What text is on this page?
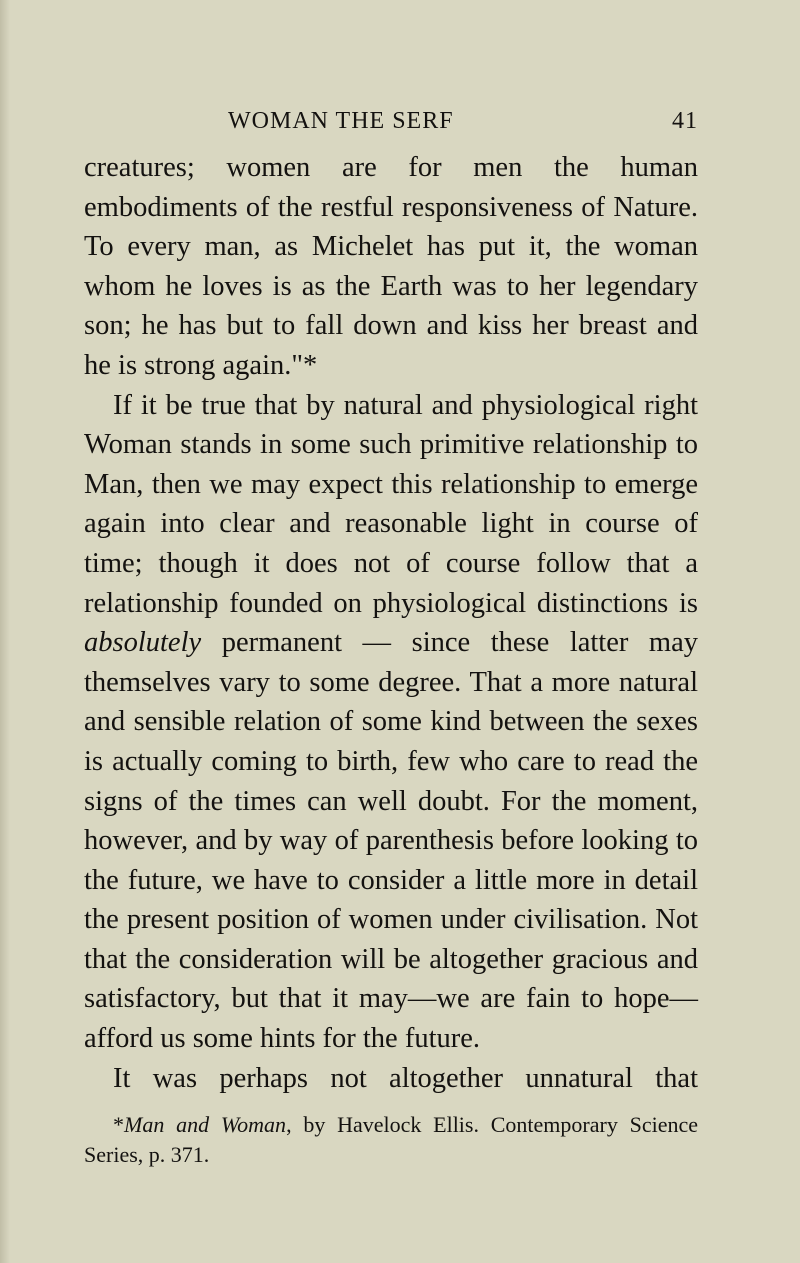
WOMAN THE SERF	41

creatures; women are for men the human embodiments of the restful responsiveness of Nature. To every man, as Michelet has put it, the woman whom he loves is as the Earth was to her legendary son; he has but to fall down and kiss her breast and he is strong again."*

If it be true that by natural and physiological right Woman stands in some such primitive relationship to Man, then we may expect this relationship to emerge again into clear and reasonable light in course of time; though it does not of course follow that a relationship founded on physiological distinctions is absolutely permanent — since these latter may themselves vary to some degree. That a more natural and sensible relation of some kind between the sexes is actually coming to birth, few who care to read the signs of the times can well doubt. For the moment, however, and by way of parenthesis before looking to the future, we have to consider a little more in detail the present position of women under civilisation. Not that the consideration will be altogether gracious and satisfactory, but that it may—we are fain to hope—afford us some hints for the future.

It was perhaps not altogether unnatural that

*Man and Woman, by Havelock Ellis. Contemporary Science Series, p. 371.
